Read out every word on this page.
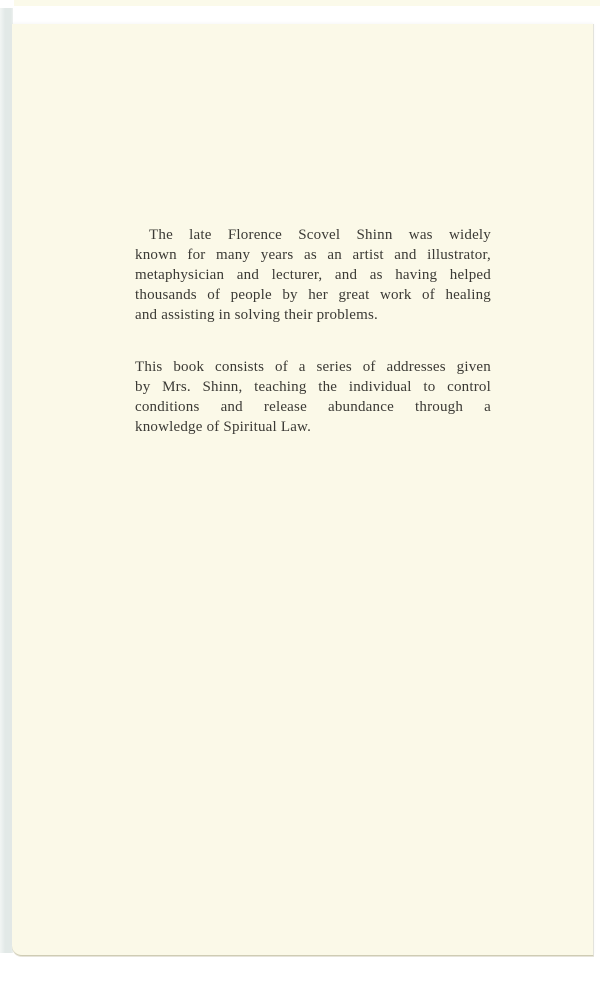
The late Florence Scovel Shinn was widely
known for many years as an artist and illustrator,
metaphysician and lecturer, and as having helped
thousands of people by her great work of healing
and assisting in solving their problems.
This book consists of a series of addresses given
by Mrs. Shinn, teaching the individual to control
conditions and release abundance through a
knowledge of Spiritual Law.
